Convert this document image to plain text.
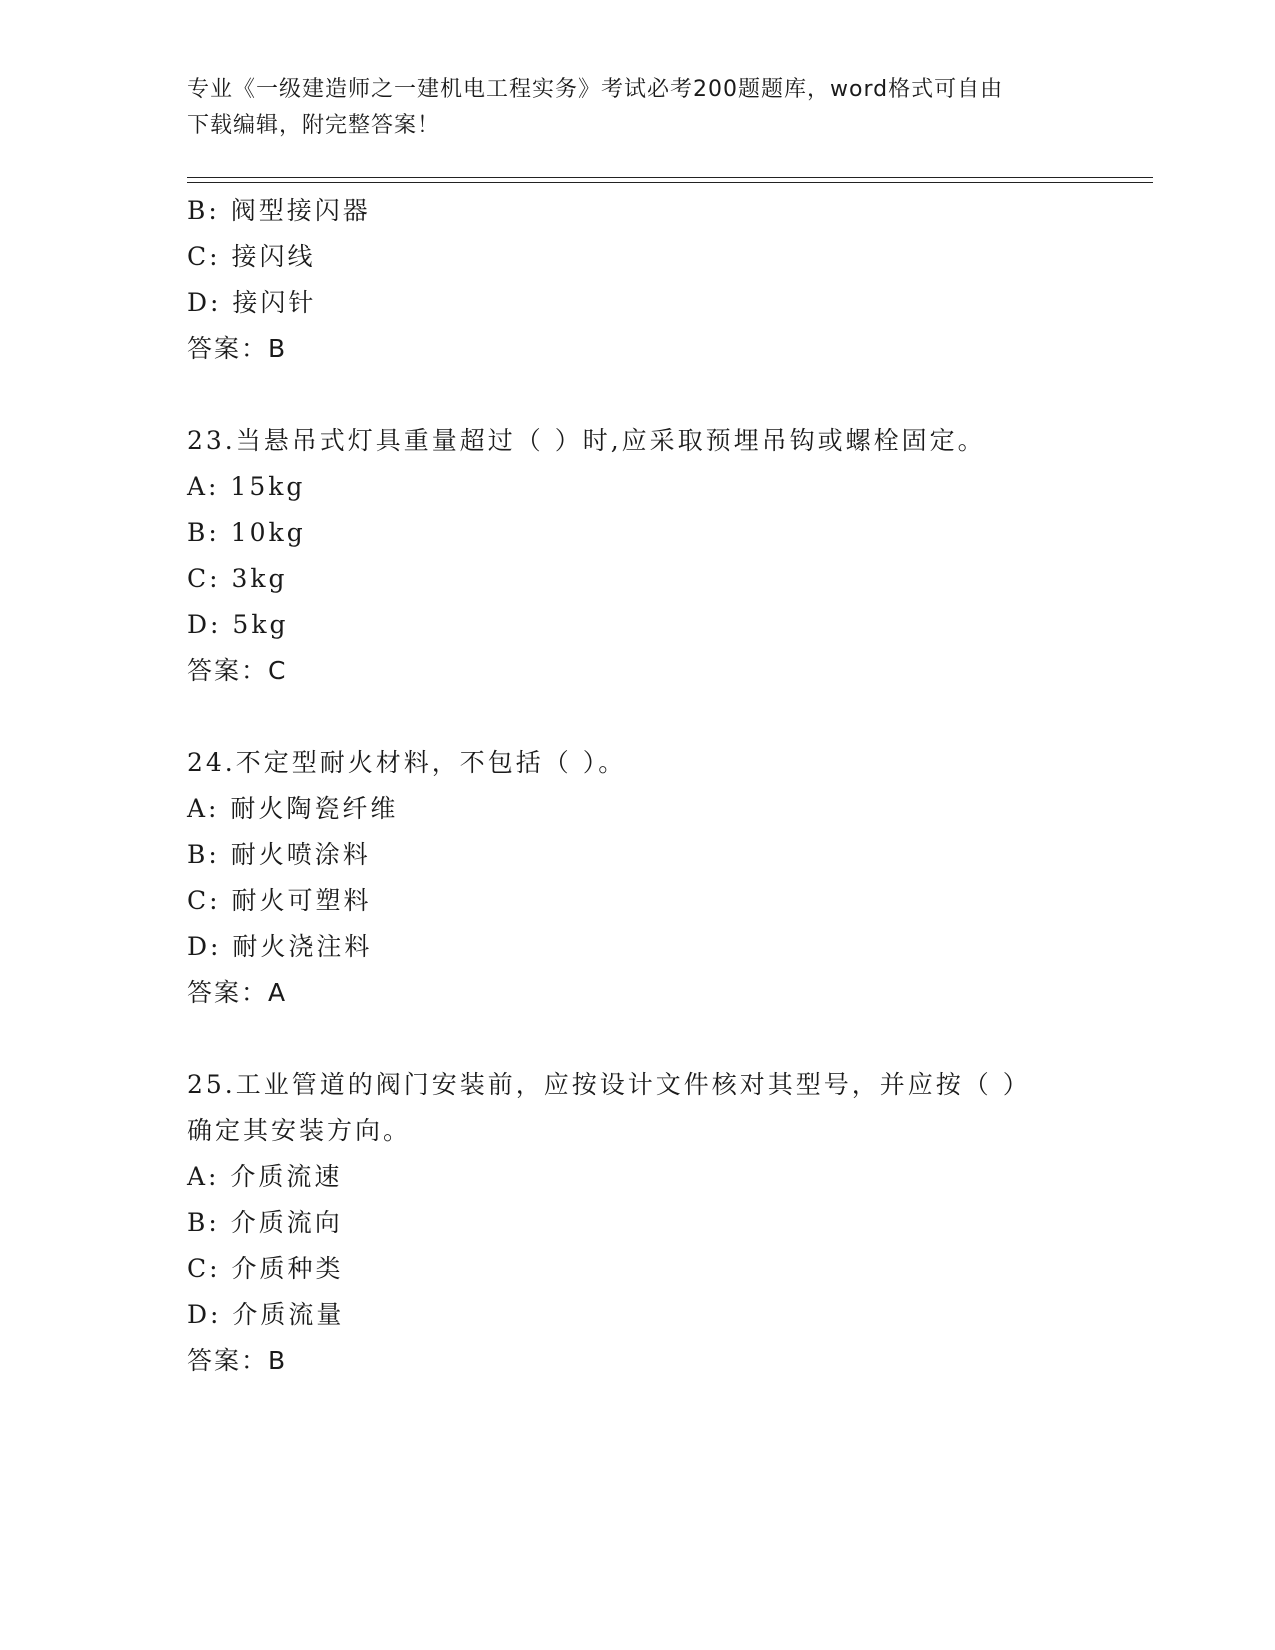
专业《一级建造师之一建机电工程实务》考试必考200题题库，word格式可自由
下载编辑，附完整答案！
B: 阀型接闪器
C: 接闪线
D: 接闪针
答案：B
23.当悬吊式灯具重量超过（ ）时,应采取预埋吊钩或螺栓固定。
A: 15kg
B: 10kg
C: 3kg
D: 5kg
答案：C
24.不定型耐火材料，不包括（ ）。
A: 耐火陶瓷纤维
B: 耐火喷涂料
C: 耐火可塑料
D: 耐火浇注料
答案：A
25.工业管道的阀门安装前，应按设计文件核对其型号，并应按（ ）
确定其安装方向。
A: 介质流速
B: 介质流向
C: 介质种类
D: 介质流量
答案：B
